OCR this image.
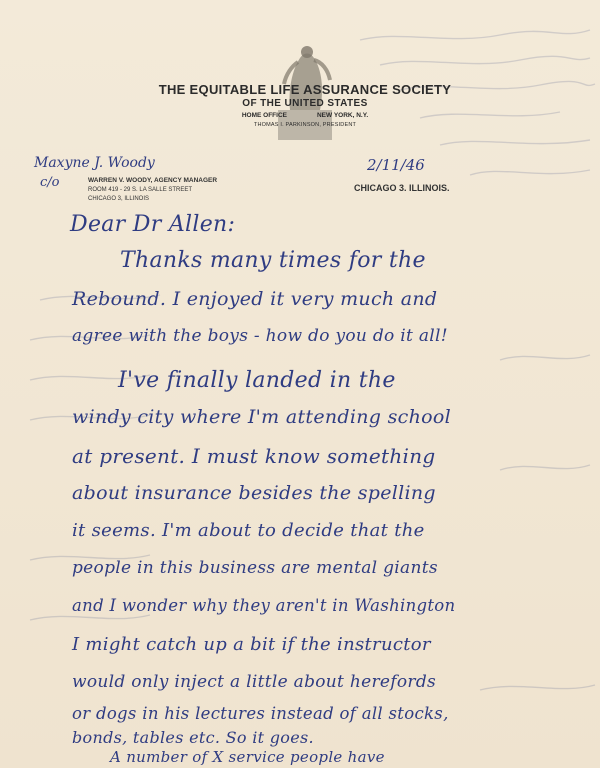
THE EQUITABLE LIFE ASSURANCE SOCIETY
OF THE UNITED STATES
HOME OFFICE	NEW YORK, N.Y.
THOMAS I. PARKINSON, PRESIDENT
WARREN V. WOODY, AGENCY MANAGER
ROOM 419 - 29 S. LA SALLE STREET
CHICAGO 3, ILLINOIS
CHICAGO 3. ILLINOIS.
Maxyne J. Woody
c/o
2/11/46
Dear Dr Allen:
Thanks many times for the
Rebound. I enjoyed it very much and
agree with the boys - how do you do it all!
I've finally landed in the
windy city where I'm attending school
at present. I must know something
about insurance besides the spelling
it seems. I'm about to decide that the
people in this business are mental giants
and I wonder why they aren't in Washington
I might catch up a bit if the instructor
would only inject a little about herefords
or dogs in his lectures instead of all stocks,
bonds, tables etc. So it goes.
A number of X service people have
